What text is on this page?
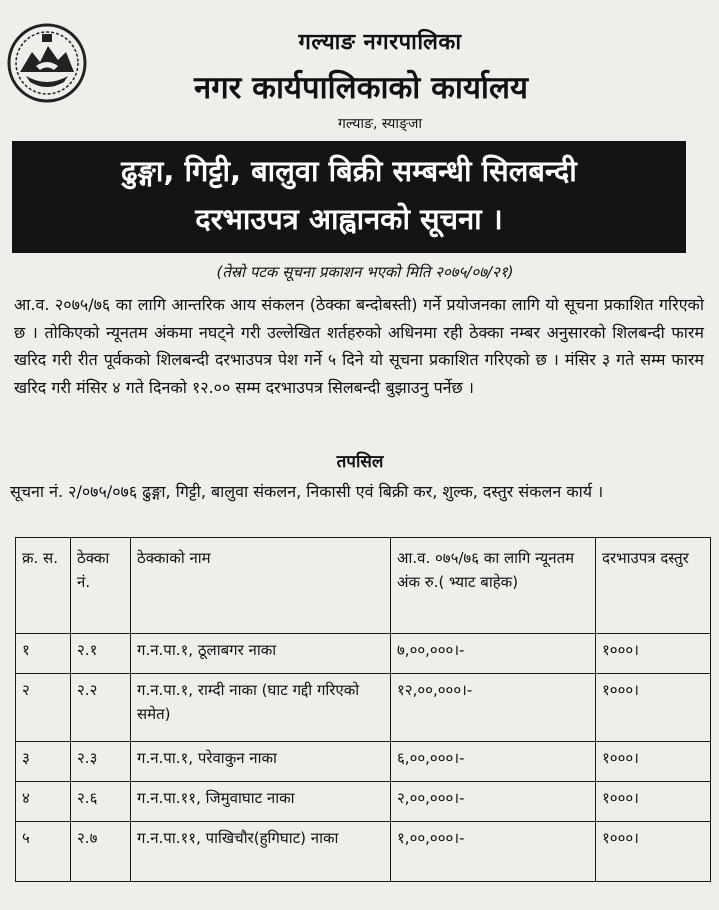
गल्याङ नगरपालिका
नगर कार्यपालिकाको कार्यालय
गल्याङ, स्याङ्जा
ढुङ्गा, गिट्टी, बालुवा बिक्री सम्बन्धी सिलबन्दी
दरभाउपत्र आह्वानको सूचना ।
(तेस्रो पटक सूचना प्रकाशन भएको मिति २०७५/०७/२१)
आ.व. २०७५/७६ का लागि आन्तरिक आय संकलन (ठेक्का बन्दोबस्ती) गर्ने प्रयोजनका लागि यो सूचना प्रकाशित गरिएको छ । तोकिएको न्यूनतम अंकमा नघट्ने गरी उल्लेखित शर्तहरुको अधिनमा रही ठेक्का नम्बर अनुसारको शिलबन्दी फारम खरिद गरी रीत पूर्वकको शिलबन्दी दरभाउपत्र पेश गर्ने ५ दिने यो सूचना प्रकाशित गरिएको छ । मंसिर ३ गते सम्म फारम खरिद गरी मंसिर ४ गते दिनको १२.०० सम्म दरभाउपत्र सिलबन्दी बुझाउनु पर्नेछ ।
तपसिल
सूचना नं. २/०७५/०७६ ढुङ्गा, गिट्टी, बालुवा संकलन, निकासी एवं बिक्री कर, शुल्क, दस्तुर संकलन कार्य ।
क्र. स.	ठेक्का नं.	ठेक्काको नाम	आ.व. ०७५/७६ का लागि न्यूनतम अंक रु.( भ्याट बाहेक)	दरभाउपत्र दस्तुर
१	२.१	ग.न.पा.१, ठूलाबगर नाका	७,००,०००।-	१०००।
२	२.२	ग.न.पा.१, राम्दी नाका (घाट गद्दी गरिएको समेत)	१२,००,०००।-	१०००।
३	२.३	ग.न.पा.१, परेवाकुन नाका	६,००,०००।-	१०००।
४	२.६	ग.न.पा.११, जिमुवाघाट नाका	२,००,०००।-	१०००।
५	२.७	ग.न.पा.११, पाखिचौर(हुगिघाट) नाका	१,००,०००।-	१०००।
